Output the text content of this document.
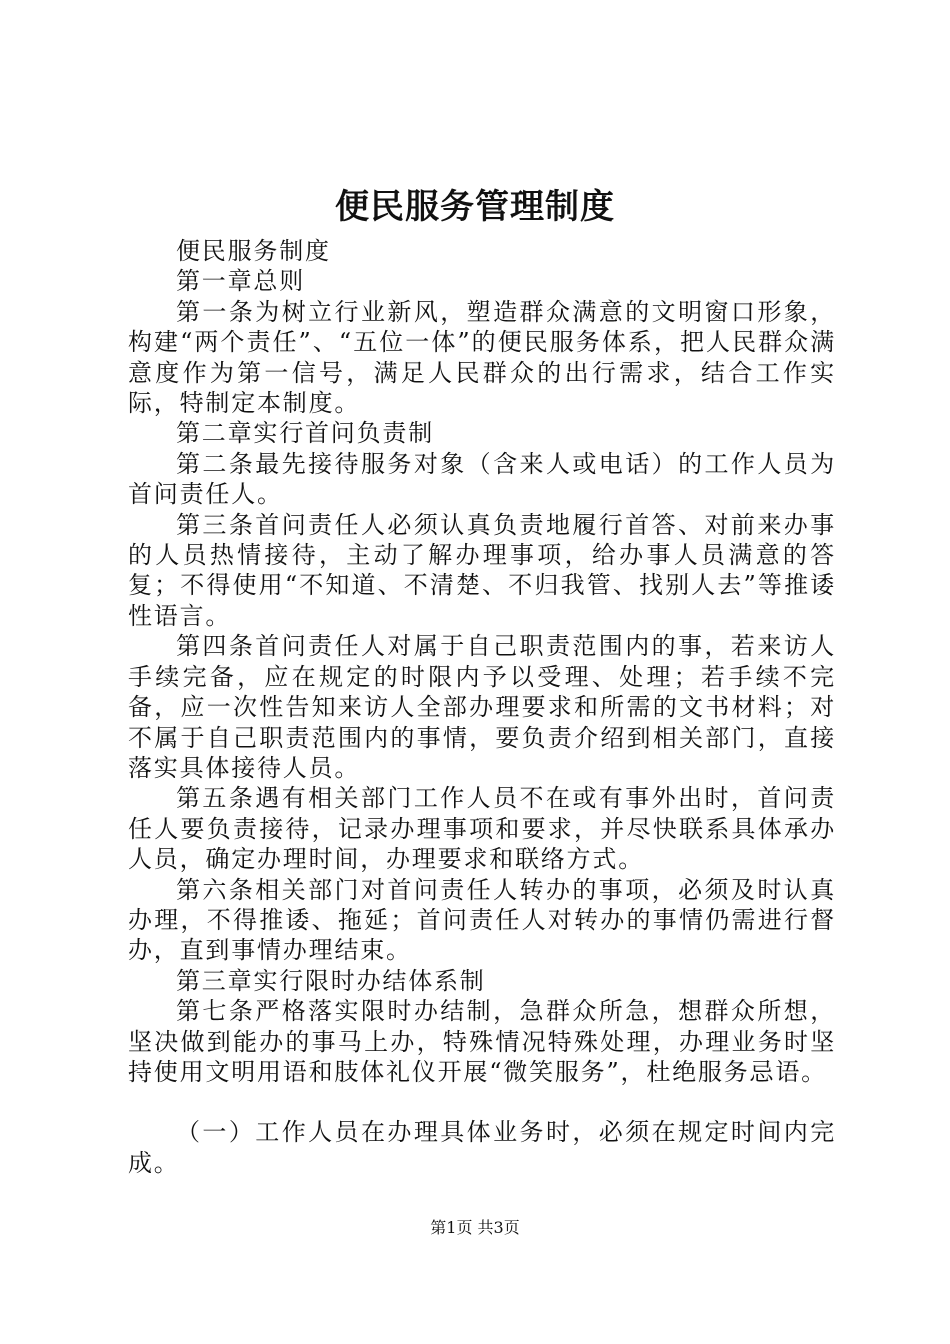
便民服务管理制度

便民服务制度

第一章总则

第一条为树立行业新风，塑造群众满意的文明窗口形象，构建“两个责任”、“五位一体”的便民服务体系，把人民群众满意度作为第一信号，满足人民群众的出行需求，结合工作实际，特制定本制度。

第二章实行首问负责制

第二条最先接待服务对象（含来人或电话）的工作人员为首问责任人。

第三条首问责任人必须认真负责地履行首答、对前来办事的人员热情接待，主动了解办理事项，给办事人员满意的答复；不得使用“不知道、不清楚、不归我管、找别人去”等推诿性语言。

第四条首问责任人对属于自己职责范围内的事，若来访人手续完备，应在规定的时限内予以受理、处理；若手续不完备，应一次性告知来访人全部办理要求和所需的文书材料；对不属于自己职责范围内的事情，要负责介绍到相关部门，直接落实具体接待人员。

第五条遇有相关部门工作人员不在或有事外出时，首问责任人要负责接待，记录办理事项和要求，并尽快联系具体承办人员，确定办理时间，办理要求和联络方式。

第六条相关部门对首问责任人转办的事项，必须及时认真办理，不得推诿、拖延；首问责任人对转办的事情仍需进行督办，直到事情办理结束。

第三章实行限时办结体系制

第七条严格落实限时办结制，急群众所急，想群众所想，坚决做到能办的事马上办，特殊情况特殊处理，办理业务时坚持使用文明用语和肢体礼仪开展“微笑服务”，杜绝服务忌语。

（一）工作人员在办理具体业务时，必须在规定时间内完成。

第1页 共3页
